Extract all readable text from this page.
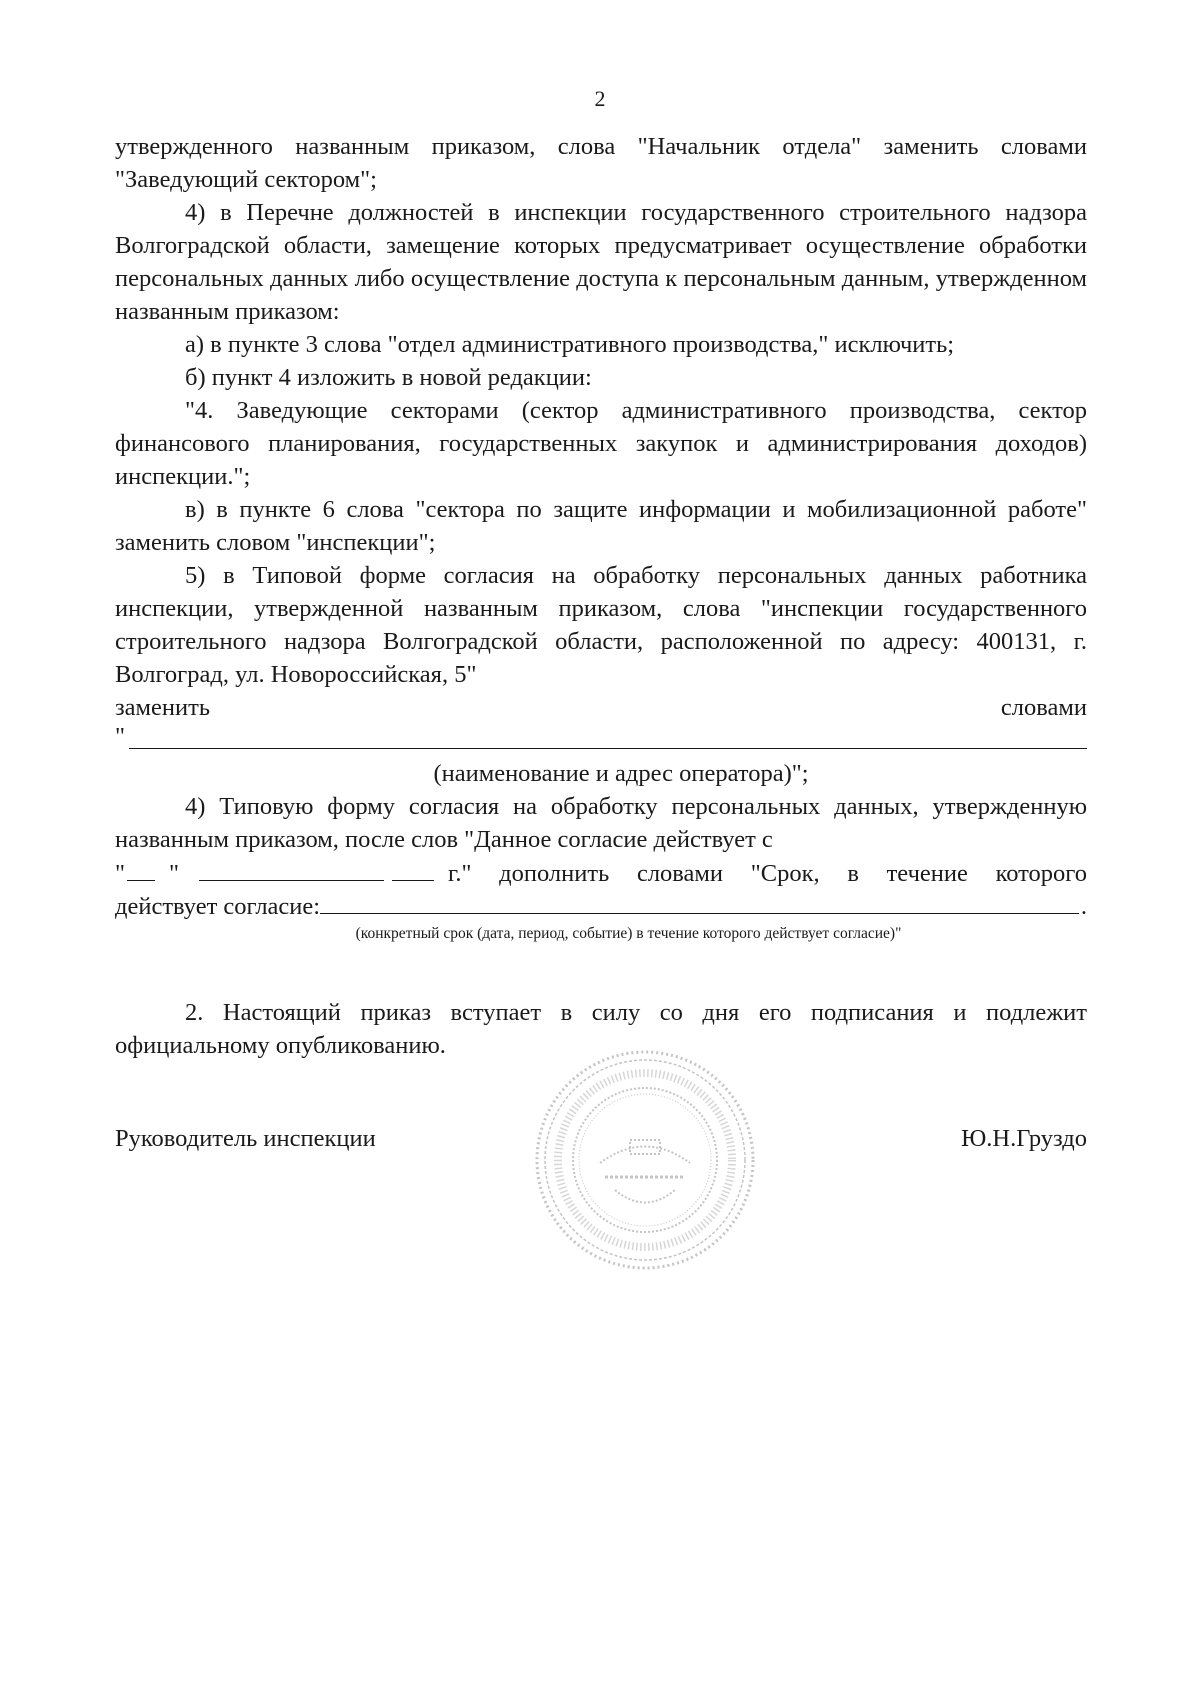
2

утвержденного названным приказом, слова "Начальник отдела" заменить словами "Заведующий сектором";

4) в Перечне должностей в инспекции государственного строительного надзора Волгоградской области, замещение которых предусматривает осуществление обработки персональных данных либо осуществление доступа к персональным данным, утвержденном названным приказом:

а) в пункте 3 слова "отдел административного производства," исключить;

б) пункт 4 изложить в новой редакции:

"4. Заведующие секторами (сектор административного производства, сектор финансового планирования, государственных закупок и администрирования доходов) инспекции.";

в) в пункте 6 слова "сектора по защите информации и мобилизационной работе" заменить словом "инспекции";

5) в Типовой форме согласия на обработку персональных данных работника инспекции, утвержденной названным приказом, слова "инспекции государственного строительного надзора Волгоградской области, расположенной по адресу: 400131, г. Волгоград, ул. Новороссийская, 5"

заменить	словами
"

(наименование и адрес оператора)";

4) Типовую форму согласия на обработку персональных данных, утвержденную названным приказом, после слов "Данное согласие действует с

" "	г." дополнить словами "Срок, в течение которого
действует согласие:	.

(конкретный срок (дата, период, событие) в течение которого действует согласие)"

2. Настоящий приказ вступает в силу со дня его подписания и подлежит официальному опубликованию.

Руководитель инспекции	Ю.Н.Груздо
